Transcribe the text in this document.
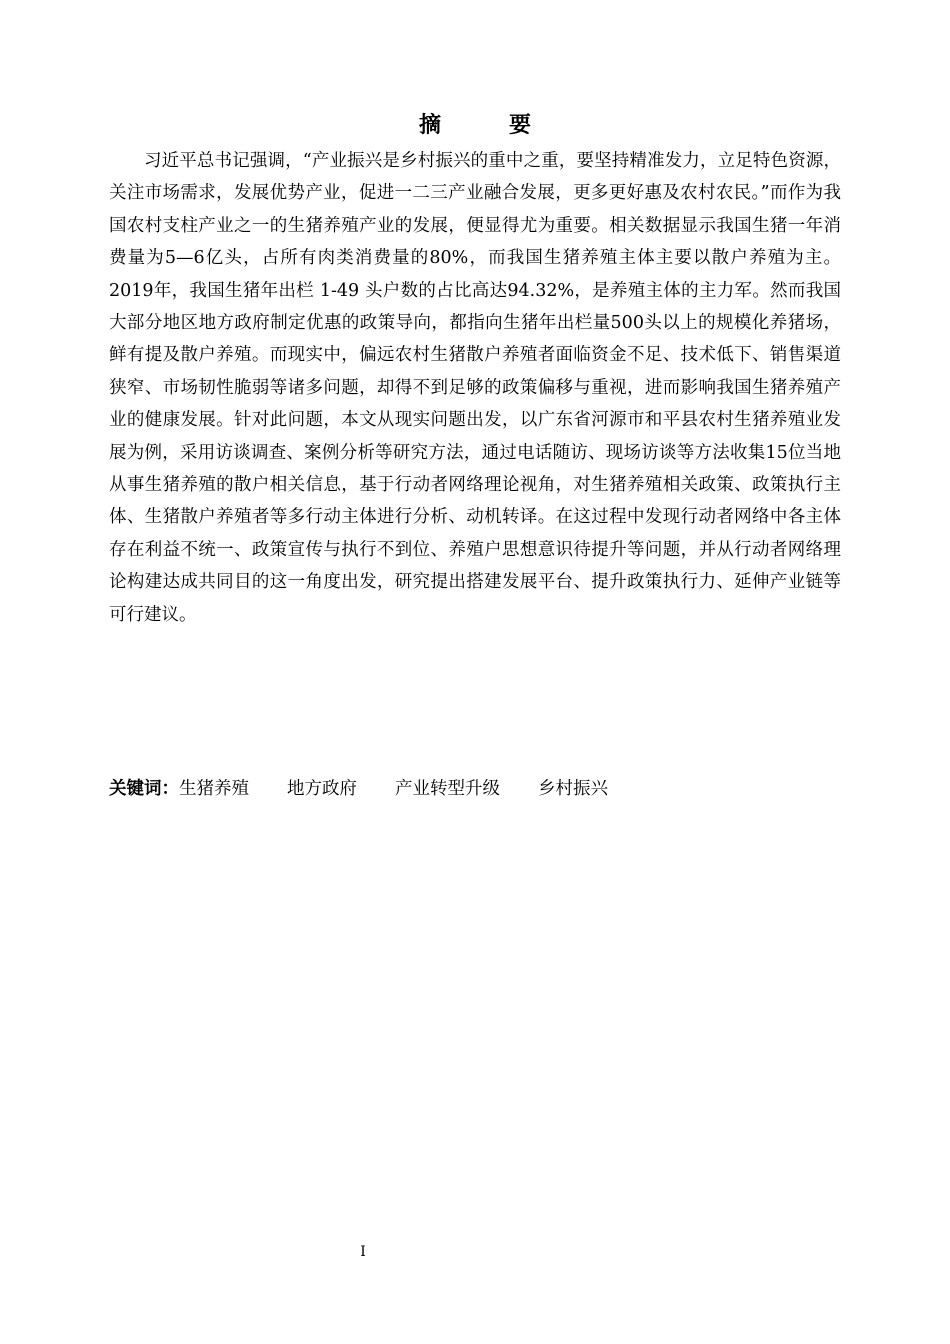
摘	要

习近平总书记强调，“产业振兴是乡村振兴的重中之重，要坚持精准发力，立足特色资源，关注市场需求，发展优势产业，促进一二三产业融合发展，更多更好惠及农村农民。”而作为我国农村支柱产业之一的生猪养殖产业的发展，便显得尤为重要。相关数据显示我国生猪一年消费量为5—6亿头，占所有肉类消费量的80%，而我国生猪养殖主体主要以散户养殖为主。2019年，我国生猪年出栏 1-49 头户数的占比高达94.32%，是养殖主体的主力军。然而我国大部分地区地方政府制定优惠的政策导向，都指向生猪年出栏量500头以上的规模化养猪场，鲜有提及散户养殖。而现实中，偏远农村生猪散户养殖者面临资金不足、技术低下、销售渠道狭窄、市场韧性脆弱等诸多问题，却得不到足够的政策偏移与重视，进而影响我国生猪养殖产业的健康发展。针对此问题，本文从现实问题出发，以广东省河源市和平县农村生猪养殖业发展为例，采用访谈调查、案例分析等研究方法，通过电话随访、现场访谈等方法收集15位当地从事生猪养殖的散户相关信息，基于行动者网络理论视角，对生猪养殖相关政策、政策执行主体、生猪散户养殖者等多行动主体进行分析、动机转译。在这过程中发现行动者网络中各主体存在利益不统一、政策宣传与执行不到位、养殖户思想意识待提升等问题，并从行动者网络理论构建达成共同目的这一角度出发，研究提出搭建发展平台、提升政策执行力、延伸产业链等可行建议。

关键词：生猪养殖 地方政府 产业转型升级 乡村振兴
I
